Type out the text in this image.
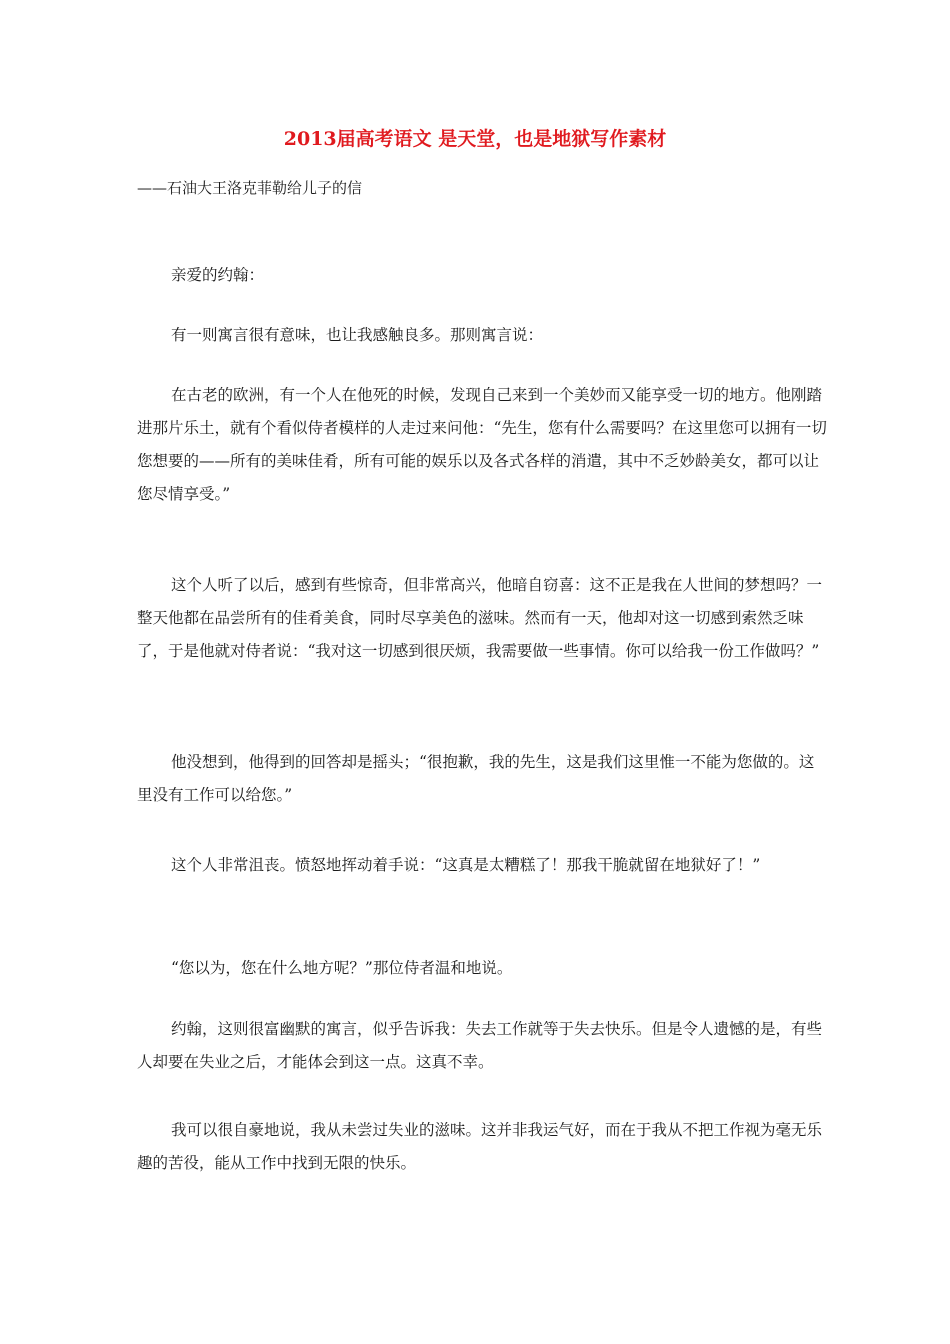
2013届高考语文 是天堂，也是地狱写作素材
——石油大王洛克菲勒给儿子的信

亲爱的约翰：

有一则寓言很有意味，也让我感触良多。那则寓言说：

在古老的欧洲，有一个人在他死的时候，发现自己来到一个美妙而又能享受一切的地方。他刚踏进那片乐土，就有个看似侍者模样的人走过来问他：“先生，您有什么需要吗？在这里您可以拥有一切您想要的——所有的美味佳肴，所有可能的娱乐以及各式各样的消遣，其中不乏妙龄美女，都可以让您尽情享受。”

这个人听了以后，感到有些惊奇，但非常高兴，他暗自窃喜：这不正是我在人世间的梦想吗？一整天他都在品尝所有的佳肴美食，同时尽享美色的滋味。然而有一天，他却对这一切感到索然乏味了，于是他就对侍者说：“我对这一切感到很厌烦，我需要做一些事情。你可以给我一份工作做吗？”

他没想到，他得到的回答却是摇头；“很抱歉，我的先生，这是我们这里惟一不能为您做的。这里没有工作可以给您。”

这个人非常沮丧。愤怒地挥动着手说：“这真是太糟糕了！那我干脆就留在地狱好了！”

“您以为，您在什么地方呢？”那位侍者温和地说。

约翰，这则很富幽默的寓言，似乎告诉我：失去工作就等于失去快乐。但是令人遗憾的是，有些人却要在失业之后，才能体会到这一点。这真不幸。

我可以很自豪地说，我从未尝过失业的滋味。这并非我运气好，而在于我从不把工作视为毫无乐趣的苦役，能从工作中找到无限的快乐。
